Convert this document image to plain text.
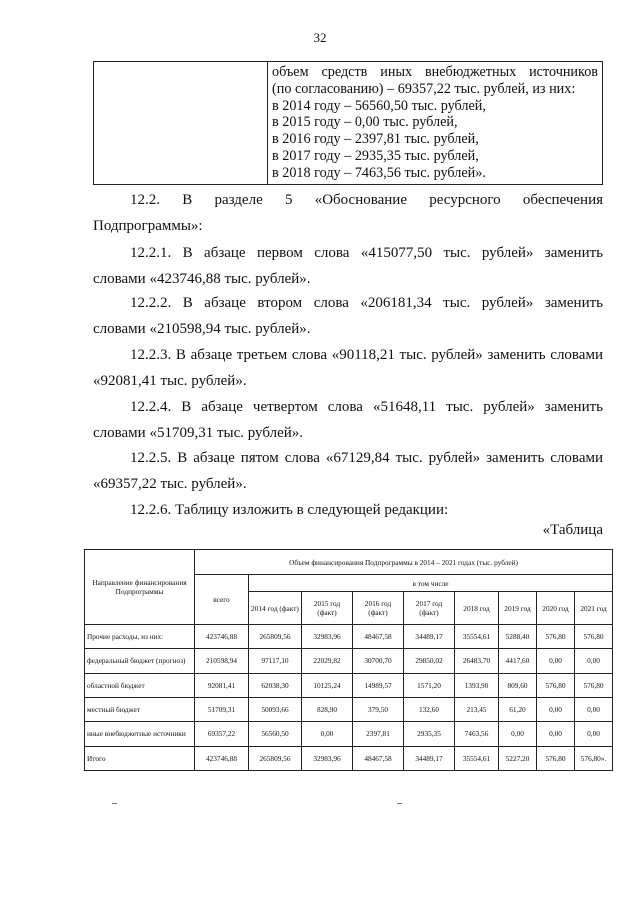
32

объем средств иных внебюджетных источников
(по согласованию) – 69357,22 тыс. рублей, из них:
в 2014 году – 56560,50 тыс. рублей,
в 2015 году – 0,00 тыс. рублей,
в 2016 году – 2397,81 тыс. рублей,
в 2017 году – 2935,35 тыс. рублей,
в 2018 году – 7463,56 тыс. рублей».
12.2. В разделе 5 «Обоснование ресурсного обеспечения
Подпрограммы»:
12.2.1. В абзаце первом слова «415077,50 тыс. рублей» заменить
словами «423746,88 тыс. рублей».
12.2.2. В абзаце втором слова «206181,34 тыс. рублей» заменить
словами «210598,94 тыс. рублей».
12.2.3. В абзаце третьем слова «90118,21 тыс. рублей» заменить словами
«92081,41 тыс. рублей».
12.2.4. В абзаце четвертом слова «51648,11 тыс. рублей» заменить
словами «51709,31 тыс. рублей».
12.2.5. В абзаце пятом слова «67129,84 тыс. рублей» заменить словами
«69357,22 тыс. рублей».
12.2.6. Таблицу изложить в следующей редакции:
«Таблица
Направление финансирования Подпрограммы	Объем финансирования Подпрограммы в 2014 – 2021 годах (тыс. рублей)								
	всего	в том числе							
		2014 год (факт)	2015 год (факт)	2016 год (факт)	2017 год (факт)	2018 год	2019 год	2020 год	2021 год
Прочие расходы, из них:	423746,88	265809,56	32983,96	48467,58	34489,17	35554,61	5288,40	576,80	576,80
федеральный бюджет (прогноз)	210598,94	97117,10	22029,82	30700,70	29850,02	26483,70	4417,60	0,00	0,00
областной бюджет	92081,41	62038,30	10125,24	14989,57	1571,20	1393,90	809,60	576,80	576,80
местный бюджет	51709,31	50093,66	828,90	379,50	132,60	213,45	61,20	0,00	0,00
иные внебюджетные источники	69357,22	56560,50	0,00	2397,81	2935,35	7463,56	0,00	0,00	0,00
Итого	423746,88	265809,56	32983,96	48467,58	34489,17	35554,61	5227,20	576,80	576,80».
